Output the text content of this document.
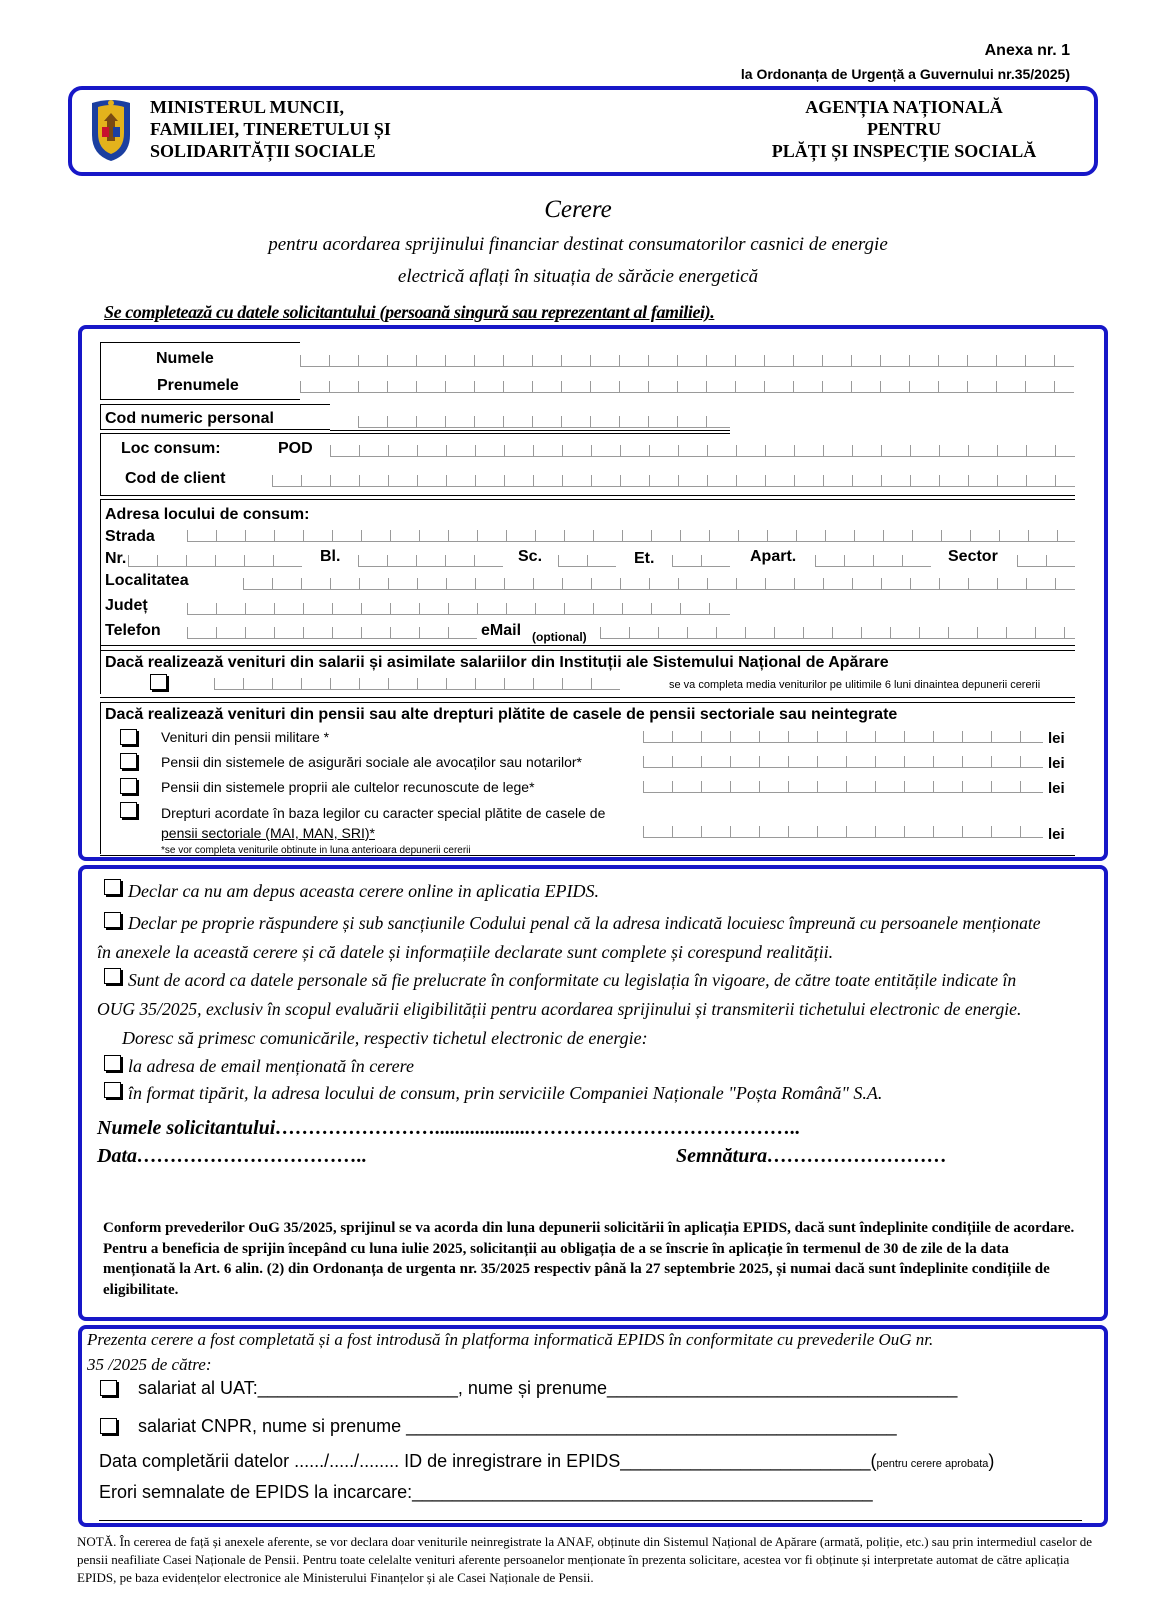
Anexa nr. 1
la Ordonanța de Urgență a Guvernului nr.35/2025)
MINISTERUL MUNCII,
FAMILIEI, TINERETULUI ȘI
SOLIDARITĂȚII SOCIALE
AGENȚIA NAȚIONALĂ
PENTRU
PLĂȚI ȘI INSPECȚIE SOCIALĂ
Cerere
pentru acordarea sprijinului financiar destinat consumatorilor casnici de energie
electrică aflați în situația de sărăcie energetică
Se completează cu datele solicitantului (persoană singură sau reprezentant al familiei).
Numele
Prenumele
Cod numeric personal
Loc consum:	POD
Cod de client
Adresa locului de consum:
Strada
Nr.	Bl.	Sc.	Et.	Apart.	Sector
Localitatea
Județ
Telefon	eMail (optional)
Dacă realizează venituri din salarii și asimilate salariilor din Instituții ale Sistemului Național de Apărare
se va completa media veniturilor pe ulitimile 6 luni dinaintea depunerii cererii
Dacă realizează venituri din pensii sau alte drepturi plătite de casele de pensii sectoriale sau neintegrate
Venituri din pensii militare *	lei
Pensii din sistemele de asigurări sociale ale avocaților sau notarilor*	lei
Pensii din sistemele proprii ale cultelor recunoscute de lege*	lei
Drepturi acordate în baza legilor cu caracter special plătite de casele de
pensii sectoriale (MAI, MAN, SRI)*	lei
*se vor completa veniturile obtinute in luna anterioara depunerii cererii
Declar ca nu am depus aceasta cerere online in aplicatia EPIDS.
Declar pe proprie răspundere și sub sancțiunile Codului penal că la adresa indicată locuiesc împreună cu persoanele menționate
în anexele la această cerere și că datele și informațiile declarate sunt complete și corespund realității.
Sunt de acord ca datele personale să fie prelucrate în conformitate cu legislația în vigoare, de către toate entitățile indicate în
OUG 35/2025, exclusiv în scopul evaluării eligibilității pentru acordarea sprijinului și transmiterii tichetului electronic de energie.
Doresc să primesc comunicările, respectiv tichetul electronic de energie:
la adresa de email menționată în cerere
în format tipărit, la adresa locului de consum, prin serviciile Companiei Naționale "Poșta Română" S.A.
Numele solicitantului……………………...................…………………………………..
Data……………………………..	Semnătura………………………
Conform prevederilor OuG 35/2025, sprijinul se va acorda din luna depunerii solicitării în aplicația EPIDS, dacă sunt îndeplinite condițiile de acordare. Pentru a beneficia de sprijin începând cu luna iulie 2025, solicitanții au obligația de a se înscrie în aplicație în termenul de 30 de zile de la data menționată la Art. 6 alin. (2) din Ordonanța de urgenta nr. 35/2025 respectiv până la 27 septembrie 2025, și numai dacă sunt îndeplinite condițiile de eligibilitate.
Prezenta cerere a fost completată și a fost introdusă în platforma informatică EPIDS în conformitate cu prevederile OuG nr.
35 /2025 de către:
salariat al UAT:____________________, nume și prenume___________________________________
salariat CNPR, nume si prenume _________________________________________________
Data completării datelor ....../...../........ ID de inregistrare in EPIDS_________________________(pentru cerere aprobata)
Erori semnalate de EPIDS la incarcare:______________________________________________
NOTĂ. În cererea de față și anexele aferente, se vor declara doar veniturile neinregistrate la ANAF, obținute din Sistemul Național de Apărare (armată, poliție, etc.) sau prin intermediul caselor de pensii neafiliate Casei Naționale de Pensii. Pentru toate celelalte venituri aferente persoanelor menționate în prezenta solicitare, acestea vor fi obținute și interpretate automat de către aplicația EPIDS, pe baza evidențelor electronice ale Ministerului Finanțelor și ale Casei Naționale de Pensii.
